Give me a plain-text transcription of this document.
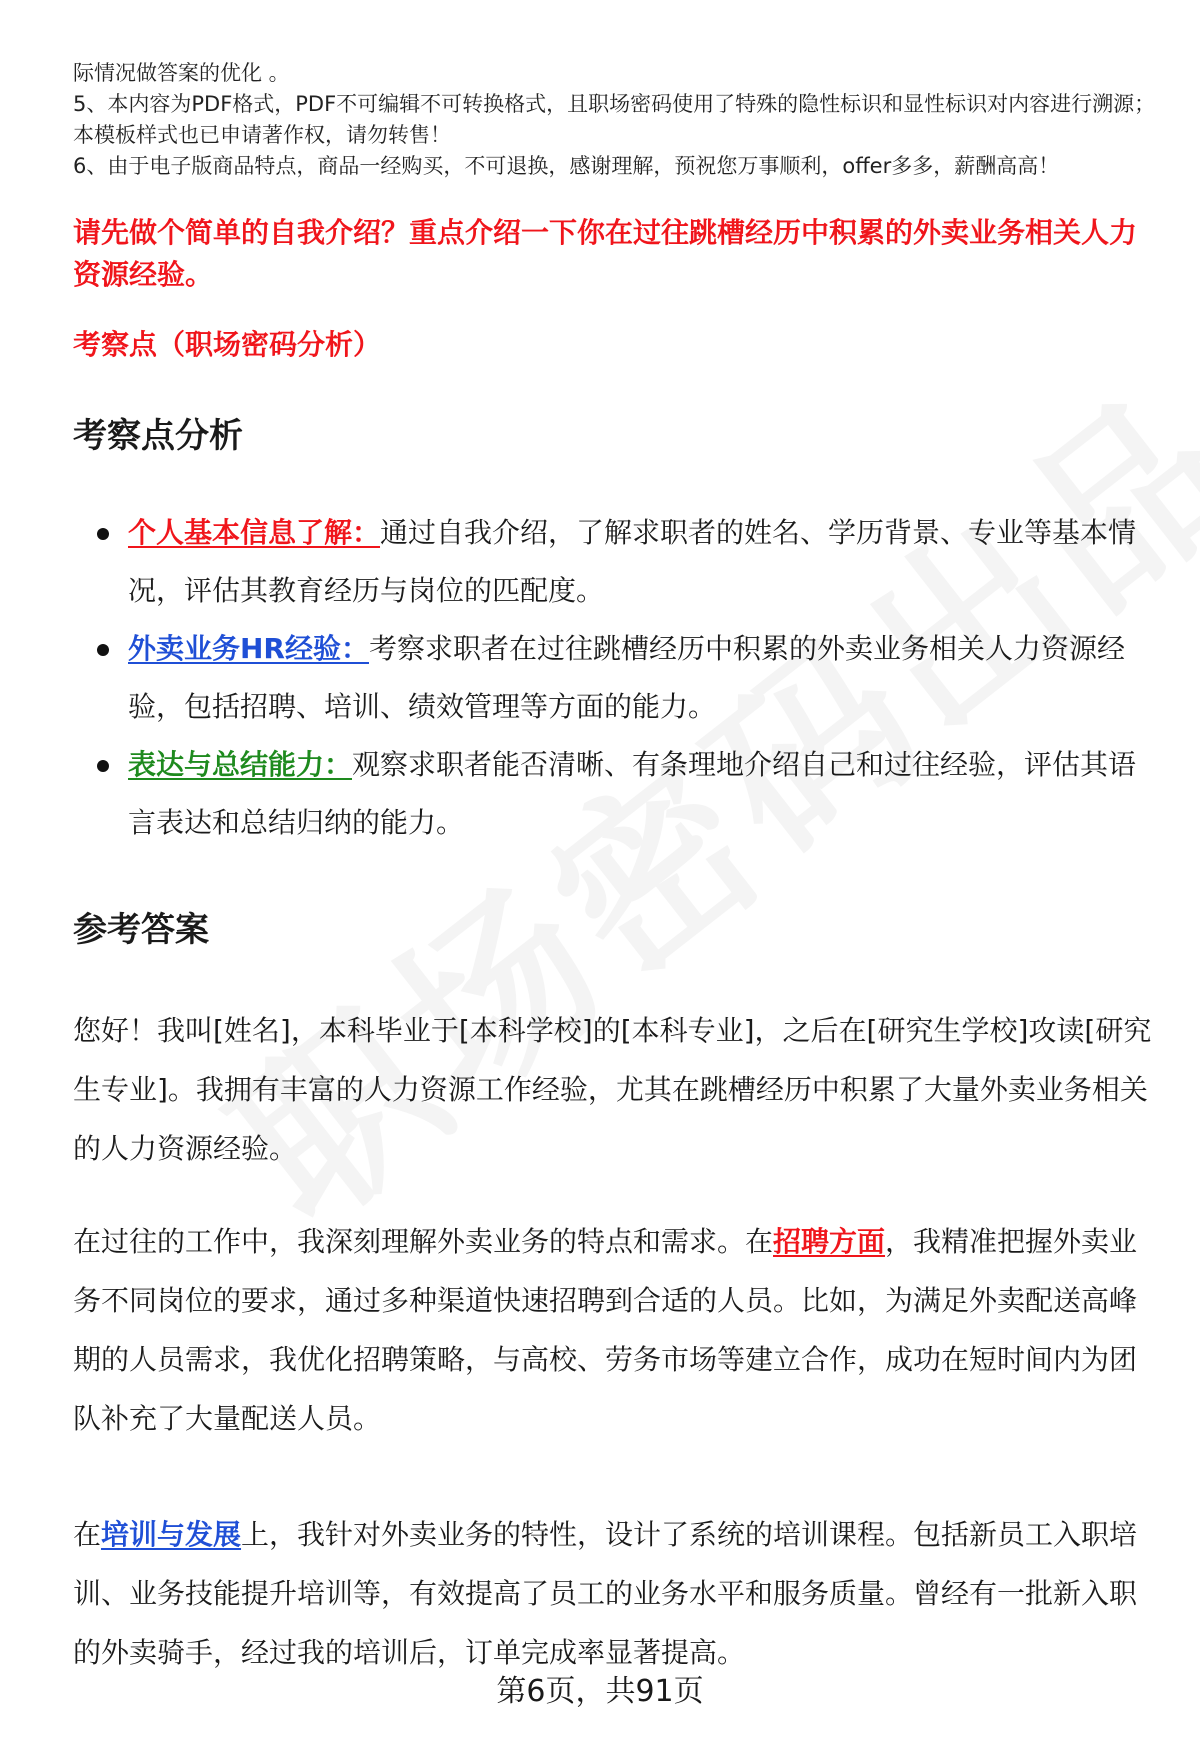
际情况做答案的优化 。

5、本内容为PDF格式，PDF不可编辑不可转换格式，且职场密码使用了特殊的隐性标识和显性标识对内容进行溯源；本模板样式也已申请著作权，请勿转售！

6、由于电子版商品特点，商品一经购买，不可退换，感谢理解，预祝您万事顺利，offer多多，薪酬高高！

请先做个简单的自我介绍？重点介绍一下你在过往跳槽经历中积累的外卖业务相关人力资源经验。
考察点（职场密码分析）
考察点分析
个人基本信息了解：通过自我介绍，了解求职者的姓名、学历背景、专业等基本情况，评估其教育经历与岗位的匹配度。
外卖业务HR经验：考察求职者在过往跳槽经历中积累的外卖业务相关人力资源经验，包括招聘、培训、绩效管理等方面的能力。
表达与总结能力：观察求职者能否清晰、有条理地介绍自己和过往经验，评估其语言表达和总结归纳的能力。
参考答案

您好！我叫[姓名]，本科毕业于[本科学校]的[本科专业]，之后在[研究生学校]攻读[研究生专业]。我拥有丰富的人力资源工作经验，尤其在跳槽经历中积累了大量外卖业务相关的人力资源经验。

在过往的工作中，我深刻理解外卖业务的特点和需求。在招聘方面，我精准把握外卖业务不同岗位的要求，通过多种渠道快速招聘到合适的人员。比如，为满足外卖配送高峰期的人员需求，我优化招聘策略，与高校、劳务市场等建立合作，成功在短时间内为团队补充了大量配送人员。

在培训与发展上，我针对外卖业务的特性，设计了系统的培训课程。包括新员工入职培训、业务技能提升培训等，有效提高了员工的业务水平和服务质量。曾经有一批新入职的外卖骑手，经过我的培训后，订单完成率显著提高。

第6页，共91页
